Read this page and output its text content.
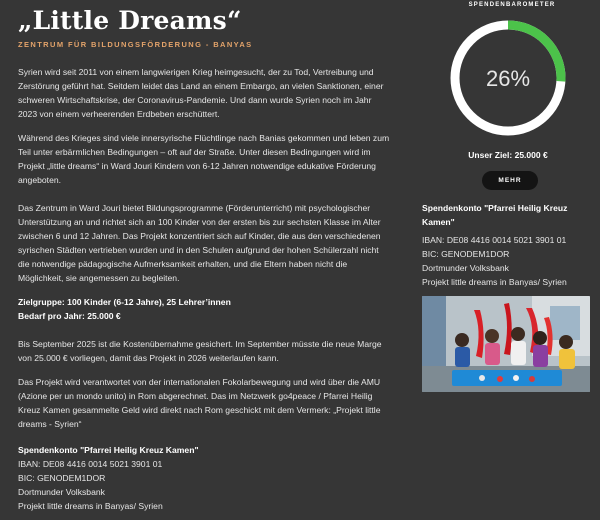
„Little Dreams“
ZENTRUM FÜR BILDUNGSFÖRDERUNG - BANYAS

Syrien wird seit 2011 von einem langwierigen Krieg heimgesucht, der zu Tod, Vertreibung und Zerstörung geführt hat. Seitdem leidet das Land an einem Embargo, an vielen Sanktionen, einer schweren Wirtschaftskrise, der Coronavirus-Pandemie. Und dann wurde Syrien noch im Jahr 2023 von einem verheerenden Erdbeben erschüttert.

Während des Krieges sind viele innersyrische Flüchtlinge nach Banias gekommen und leben zum Teil unter erbärmlichen Bedingungen – oft auf der Straße. Unter diesen Bedingungen wird im Projekt „little dreams“ in Ward Jouri Kindern von 6-12 Jahren notwendige edukative Förderung angeboten.

Das Zentrum in Ward Jouri bietet Bildungsprogramme (Förderunterricht) mit psychologischer Unterstützung an und richtet sich an 100 Kinder von der ersten bis zur sechsten Klasse im Alter zwischen 6 und 12 Jahren. Das Projekt konzentriert sich auf Kinder, die aus den verschiedenen syrischen Städten vertrieben wurden und in den Schulen aufgrund der hohen Schülerzahl nicht die notwendige pädagogische Aufmerksamkeit erhalten, und die Eltern haben nicht die Möglichkeit, sie angemessen zu begleiten.

Zielgruppe: 100 Kinder (6-12 Jahre), 25 Lehrer’innen

Bedarf pro Jahr: 25.000 €

Bis September 2025 ist die Kostenübernahme gesichert. Im September müsste die neue Marge von 25.000 € vorliegen, damit das Projekt in 2026 weiterlaufen kann.

Das Projekt wird verantwortet von der internationalen Fokolarbewegung und wird über die AMU (Azione per un mondo unito) in Rom abgerechnet. Das im Netzwerk go4peace / Pfarrei Heilig Kreuz Kamen gesammelte Geld wird direkt nach Rom geschickt mit dem Vermerk: „Projekt little dreams - Syrien“

Spendenkonto "Pfarrei Heilig Kreuz Kamen"

IBAN: DE08 4416 0014 5021 3901 01

BIC: GENODEM1DOR

Dortmunder Volksbank

Projekt little dreams in Banyas/ Syrien

SPENDENBAROMETER
26%
Unser Ziel: 25.000 €
MEHR

Spendenkonto "Pfarrei Heilig Kreuz Kamen"

IBAN: DE08 4416 0014 5021 3901 01

BIC: GENODEM1DOR

Dortmunder Volksbank

Projekt little dreams in Banyas/ Syrien
